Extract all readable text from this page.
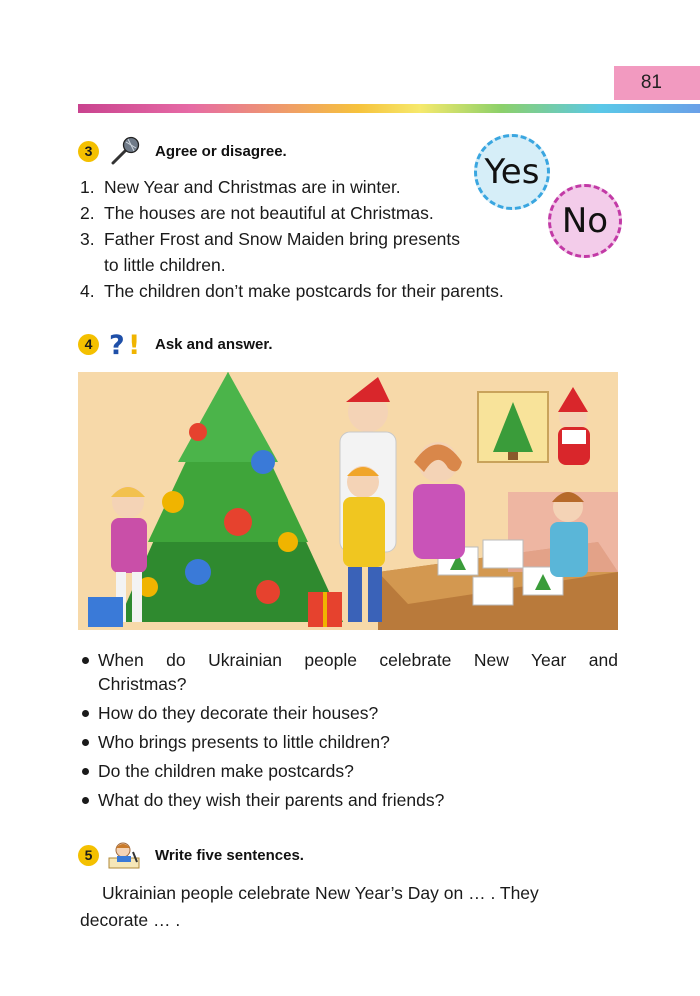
81
3	Agree or disagree.
Yes
No
1. New Year and Christmas are in winter.
2. The houses are not beautiful at Christmas.
3. Father Frost and Snow Maiden bring presents
to little children.
4. The children don’t make postcards for their parents.
4 ? ! Ask and answer.
When do Ukrainian people celebrate New Year and
Christmas?
How do they decorate their houses?
Who brings presents to little children?
Do the children make postcards?
What do they wish their parents and friends?
5	Write five sentences.

Ukrainian people celebrate New Year’s Day on … . They
decorate … .
